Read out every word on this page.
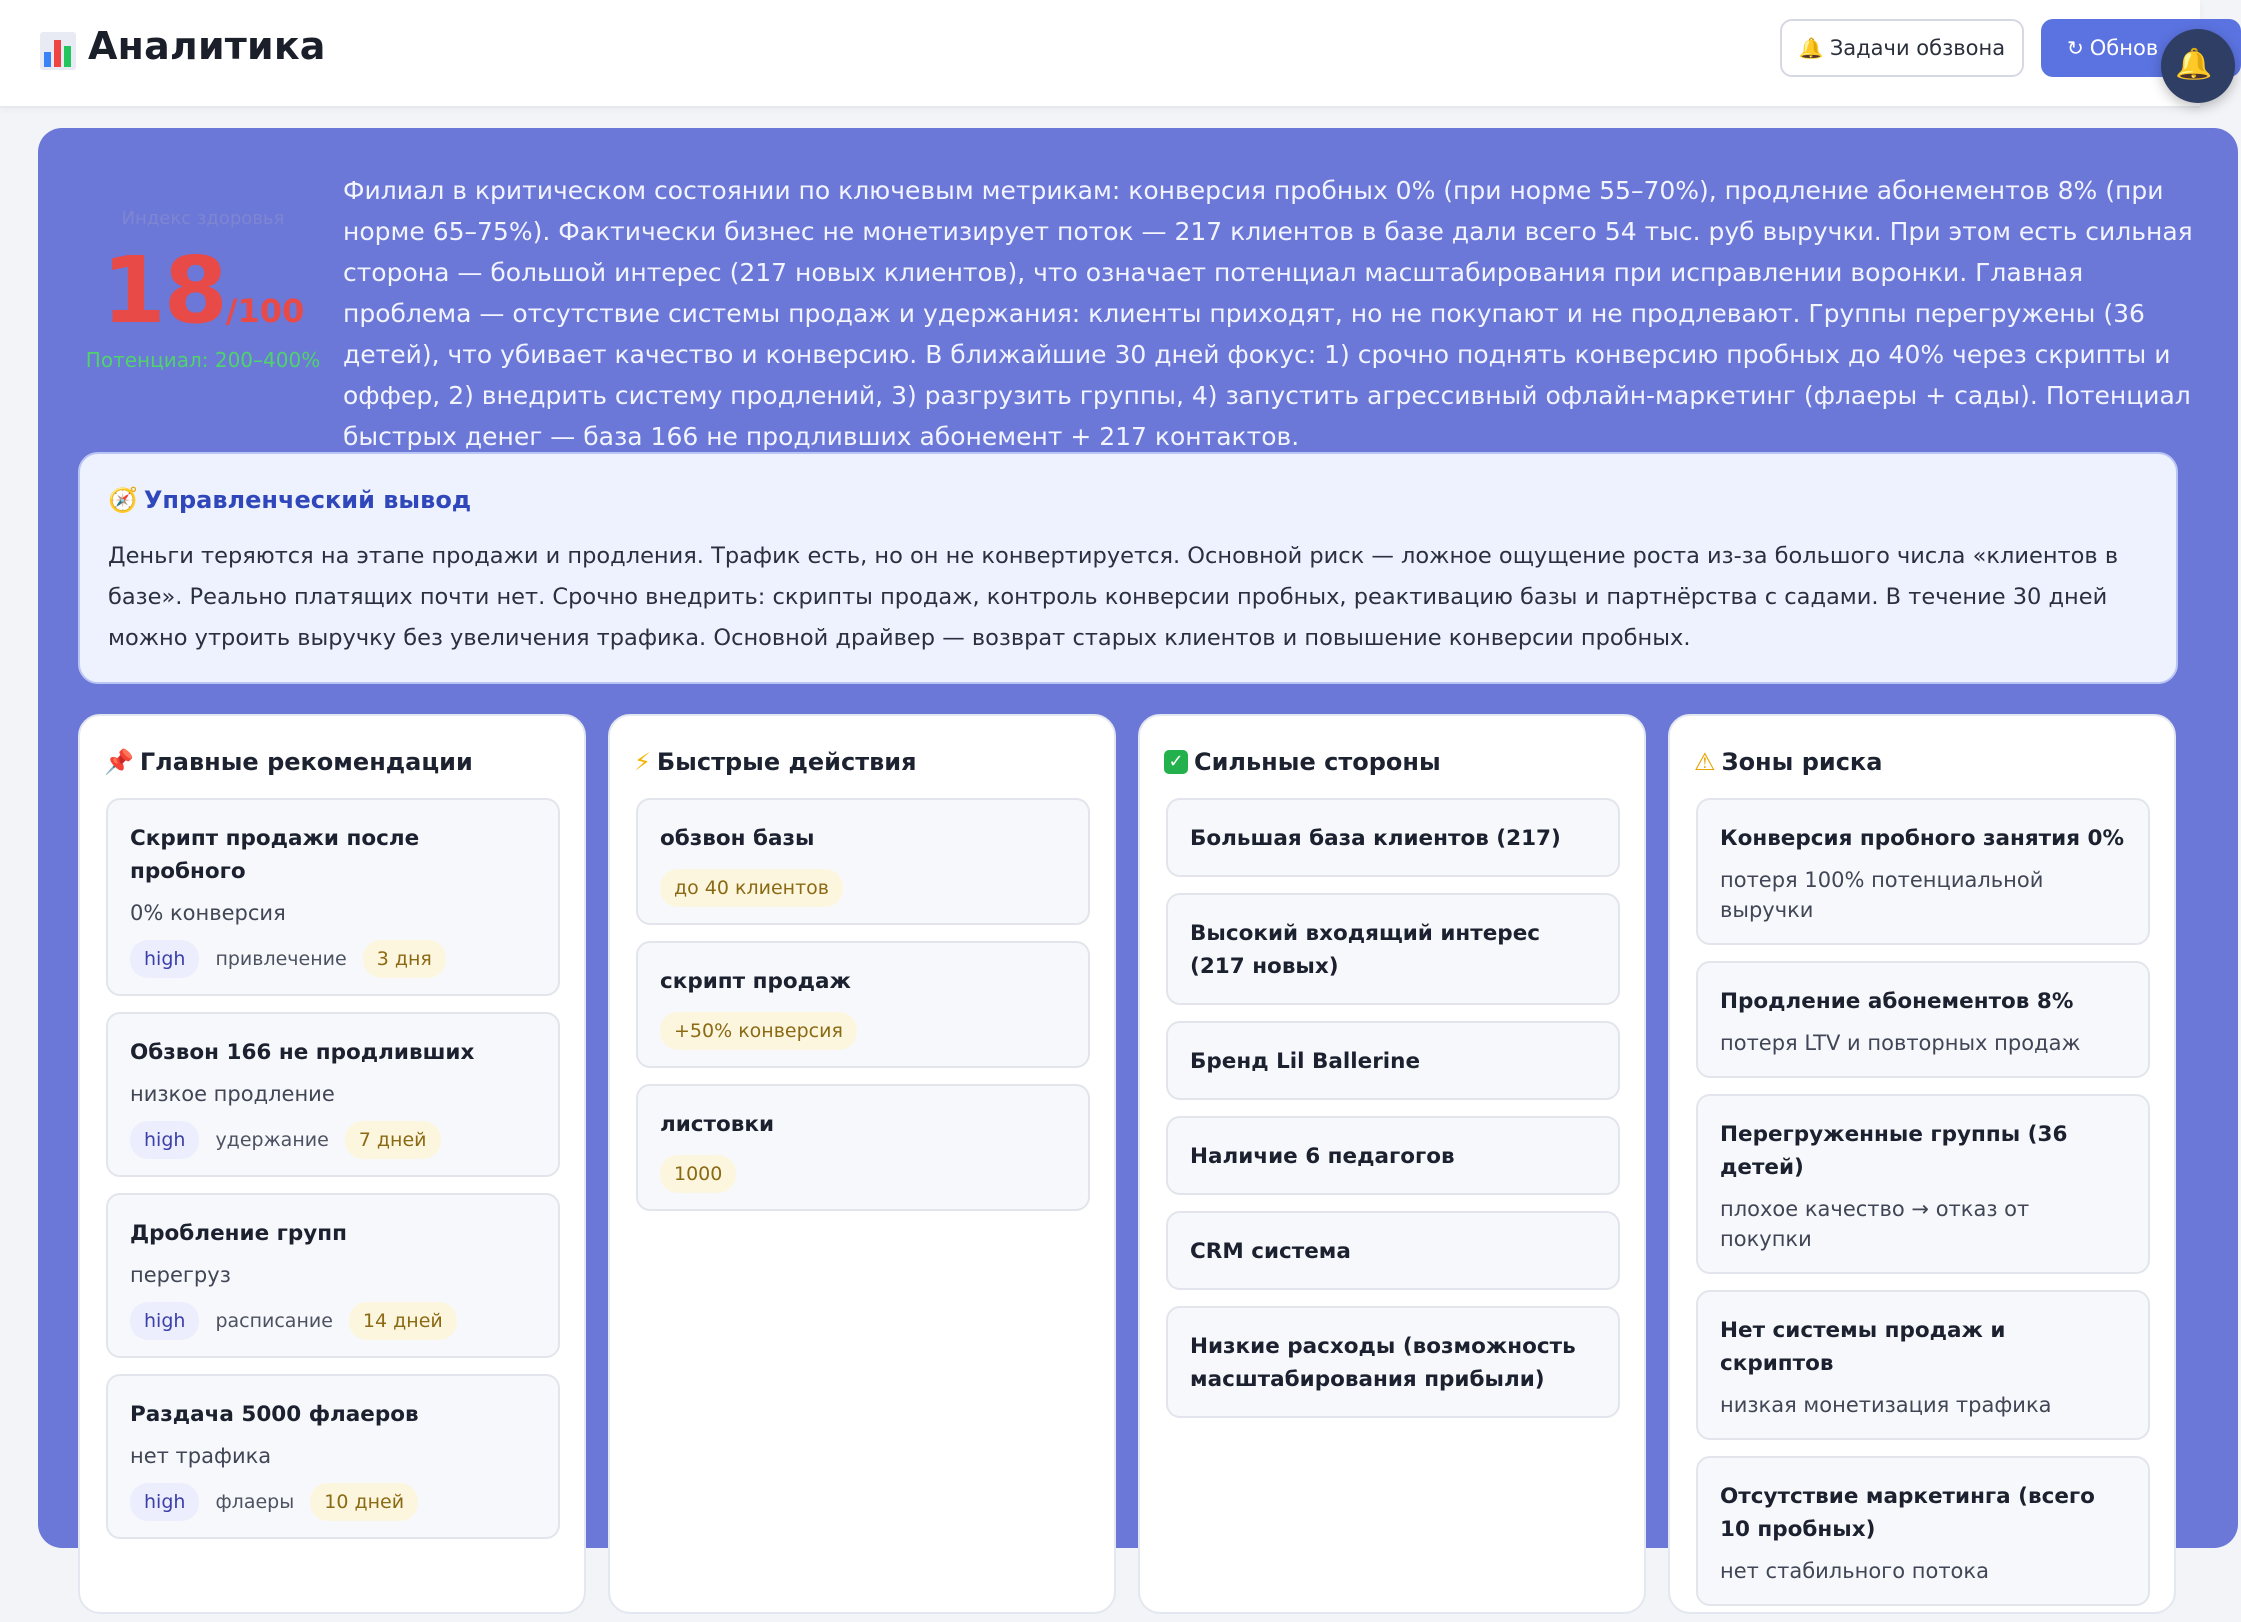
Аналитика	🔔 Задачи обзвона	↻ Обнов 🔔
Индекс здоровья
18/100
Потенциал: 200–400%
Филиал в критическом состоянии по ключевым метрикам: конверсия пробных 0% (при норме 55–70%), продление абонементов 8% (при норме 65–75%). Фактически бизнес не монетизирует поток — 217 клиентов в базе дали всего 54 тыс. руб выручки. При этом есть сильная сторона — большой интерес (217 новых клиентов), что означает потенциал масштабирования при исправлении воронки. Главная проблема — отсутствие системы продаж и удержания: клиенты приходят, но не покупают и не продлевают. Группы перегружены (36 детей), что убивает качество и конверсию. В ближайшие 30 дней фокус: 1) срочно поднять конверсию пробных до 40% через скрипты и оффер, 2) внедрить систему продлений, 3) разгрузить группы, 4) запустить агрессивный офлайн-маркетинг (флаеры + сады). Потенциал быстрых денег — база 166 не продливших абонемент + 217 контактов.
🧭 Управленческий вывод
Деньги теряются на этапе продажи и продления. Трафик есть, но он не конвертируется. Основной риск — ложное ощущение роста из-за большого числа «клиентов в базе». Реально платящих почти нет. Срочно внедрить: скрипты продаж, контроль конверсии пробных, реактивацию базы и партнёрства с садами. В течение 30 дней можно утроить выручку без увеличения трафика. Основной драйвер — возврат старых клиентов и повышение конверсии пробных.
📌 Главные рекомендации
Скрипт продажи после пробного
0% конверсия
high	привлечение	3 дня
Обзвон 166 не продливших
низкое продление
high	удержание	7 дней
Дробление групп
перегруз
high	расписание	14 дней
Раздача 5000 флаеров
нет трафика
high	флаеры	10 дней
⚡ Быстрые действия
обзвон базы
до 40 клиентов
скрипт продаж
+50% конверсия
листовки
1000
✓ Сильные стороны
Большая база клиентов (217)
Высокий входящий интерес (217 новых)
Бренд Lil Ballerine
Наличие 6 педагогов
CRM система
Низкие расходы (возможность масштабирования прибыли)
⚠ Зоны риска
Конверсия пробного занятия 0%
потеря 100% потенциальной выручки
Продление абонементов 8%
потеря LTV и повторных продаж
Перегруженные группы (36 детей)
плохое качество → отказ от покупки
Нет системы продаж и скриптов
низкая монетизация трафика
Отсутствие маркетинга (всего 10 пробных)
нет стабильного потока
